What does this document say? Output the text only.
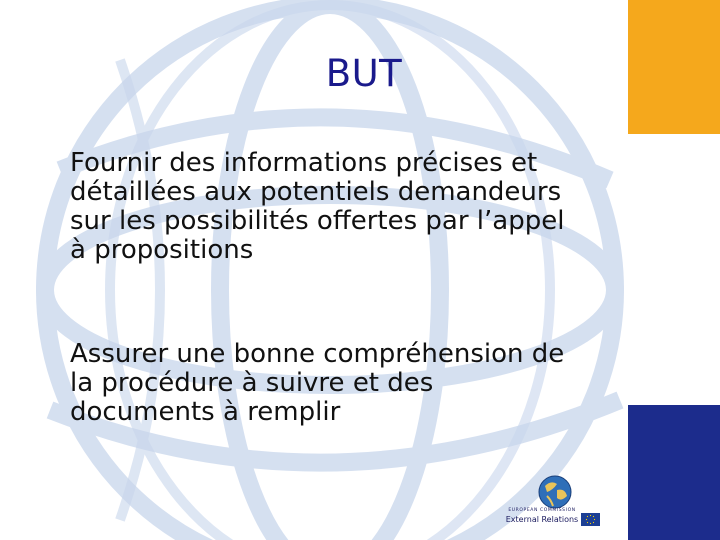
BUT
Fournir des informations précises et
détaillées aux potentiels demandeurs
sur les possibilités offertes par l’appel
à propositions
Assurer une bonne compréhension de
la procédure à suivre et des
documents à remplir
EUROPEAN COMMISSION
External Relations
